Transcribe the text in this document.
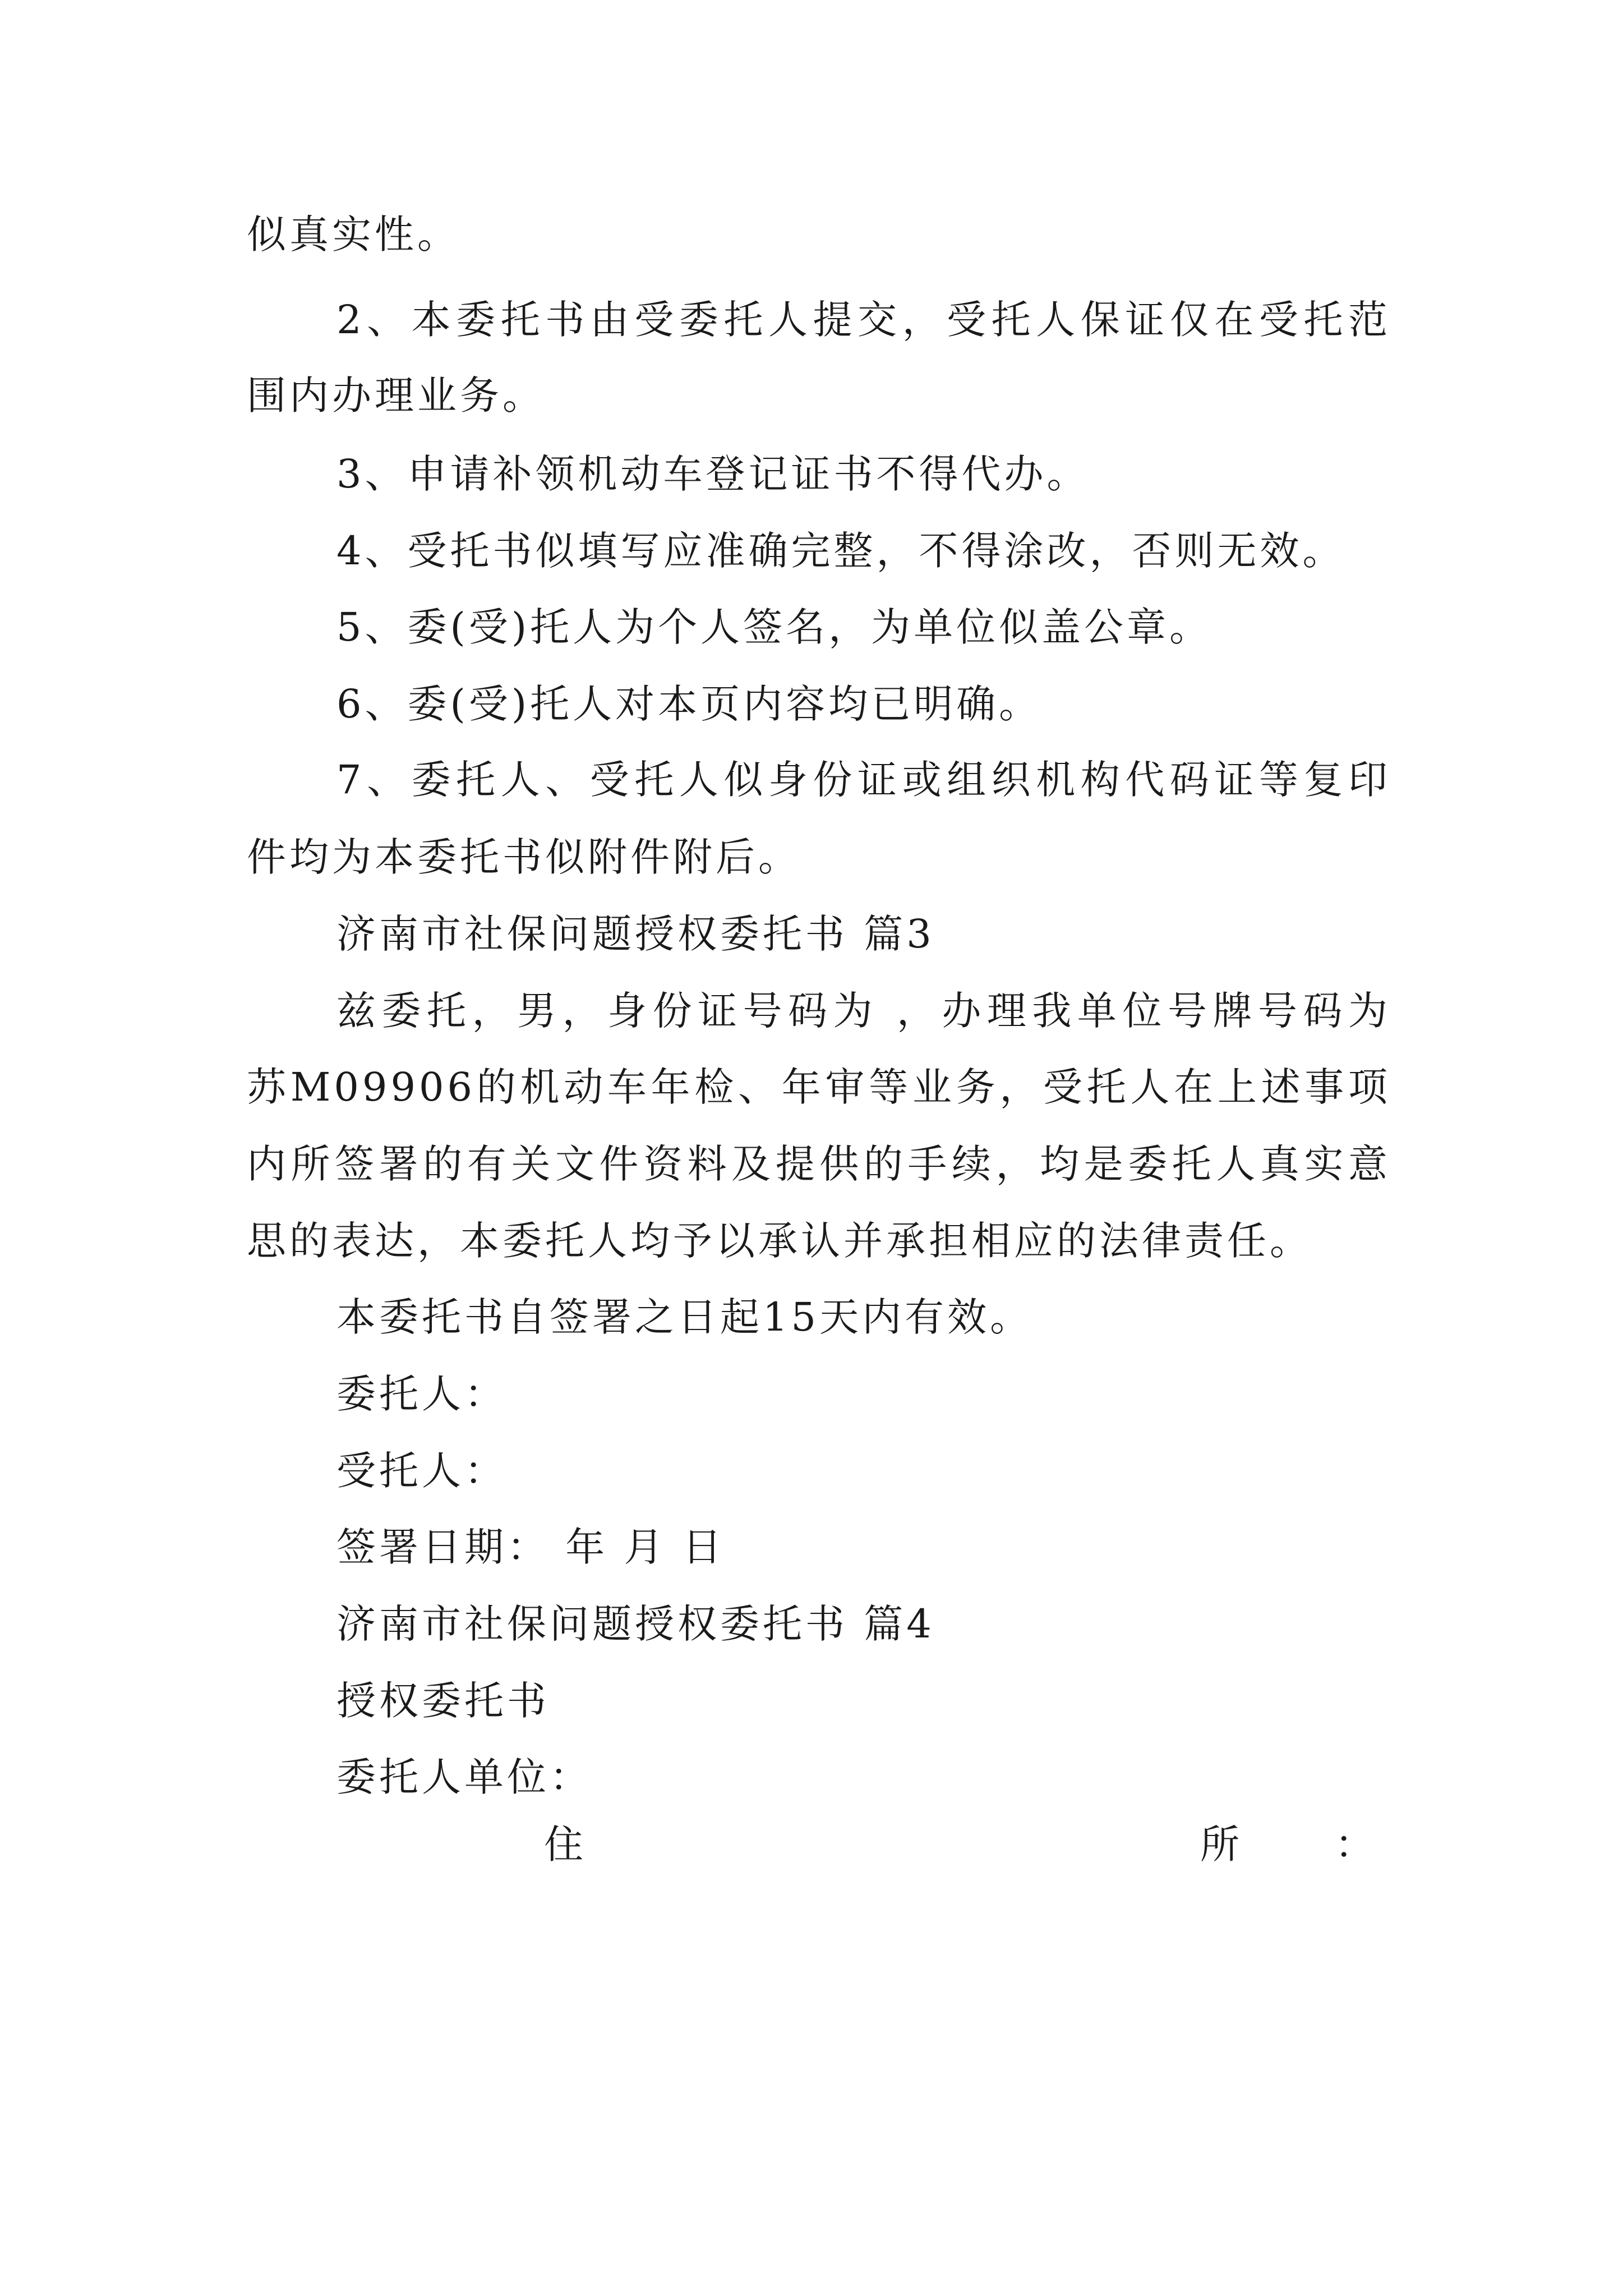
似真实性。
2、本委托书由受委托人提交，受托人保证仅在受托范
围内办理业务。
3、申请补领机动车登记证书不得代办。
4、受托书似填写应准确完整，不得涂改，否则无效。
5、委(受)托人为个人签名，为单位似盖公章。
6、委(受)托人对本页内容均已明确。
7、委托人、受托人似身份证或组织机构代码证等复印
件均为本委托书似附件附后。
济南市社保问题授权委托书 篇3
兹委托，男，身份证号码为 ，办理我单位号牌号码为
苏M09906的机动车年检、年审等业务，受托人在上述事项
内所签署的有关文件资料及提供的手续，均是委托人真实意
思的表达，本委托人均予以承认并承担相应的法律责任。
本委托书自签署之日起15天内有效。
委托人：
受托人：
签署日期： 年 月 日
济南市社保问题授权委托书 篇4
授权委托书
委托人单位：
住	所 ：
